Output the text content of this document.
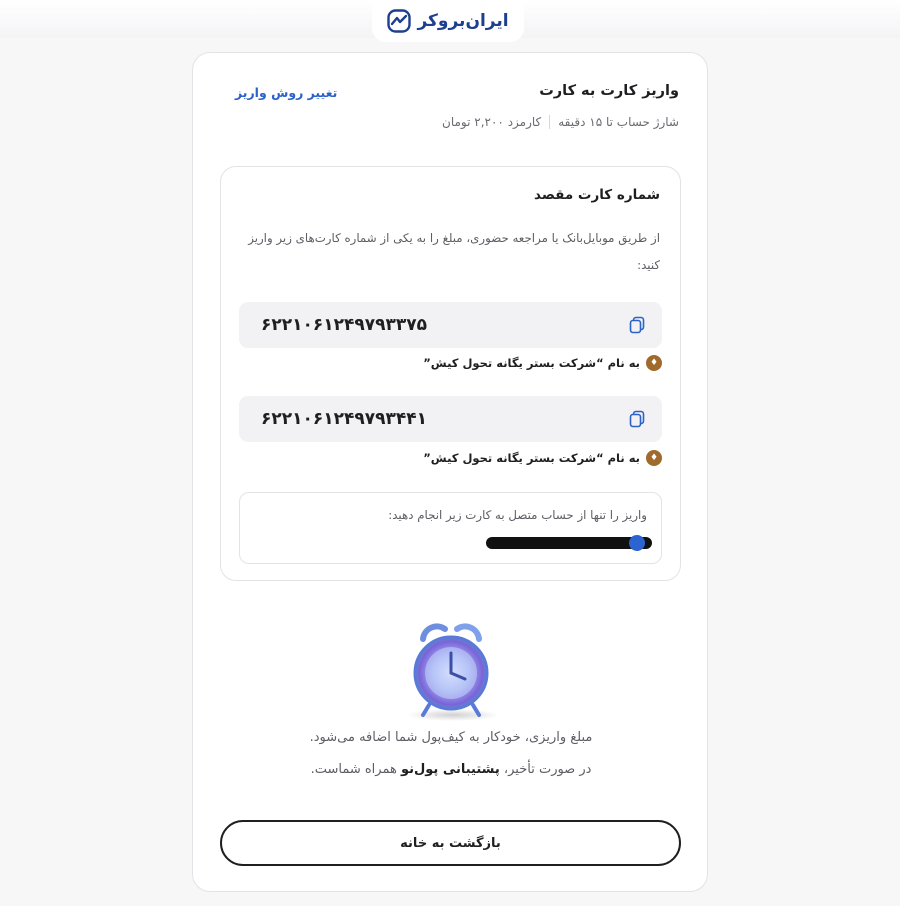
ایران‌بروکر
واریز کارت به کارت
تغییر روش واریز
شارژ حساب تا ۱۵ دقیقه
کارمزد ۲,۲۰۰ تومان
شماره کارت مقصد
از طریق موبایل‌بانک یا مراجعه حضوری، مبلغ را به یکی از شماره کارت‌های زیر واریز کنید:
۶۲۲۱۰۶۱۲۴۹۷۹۳۳۷۵
♦
به نام “شرکت بستر یگانه تحول کیش”
۶۲۲۱۰۶۱۲۴۹۷۹۳۴۴۱
♦
به نام “شرکت بستر یگانه تحول کیش”
واریز را تنها از حساب متصل به کارت زیر انجام دهید:
مبلغ واریزی، خودکار به کیف‌پول شما اضافه می‌شود.
در صورت تأخیر، پشتیبانی پول‌نو همراه شماست.
بازگشت به خانه
